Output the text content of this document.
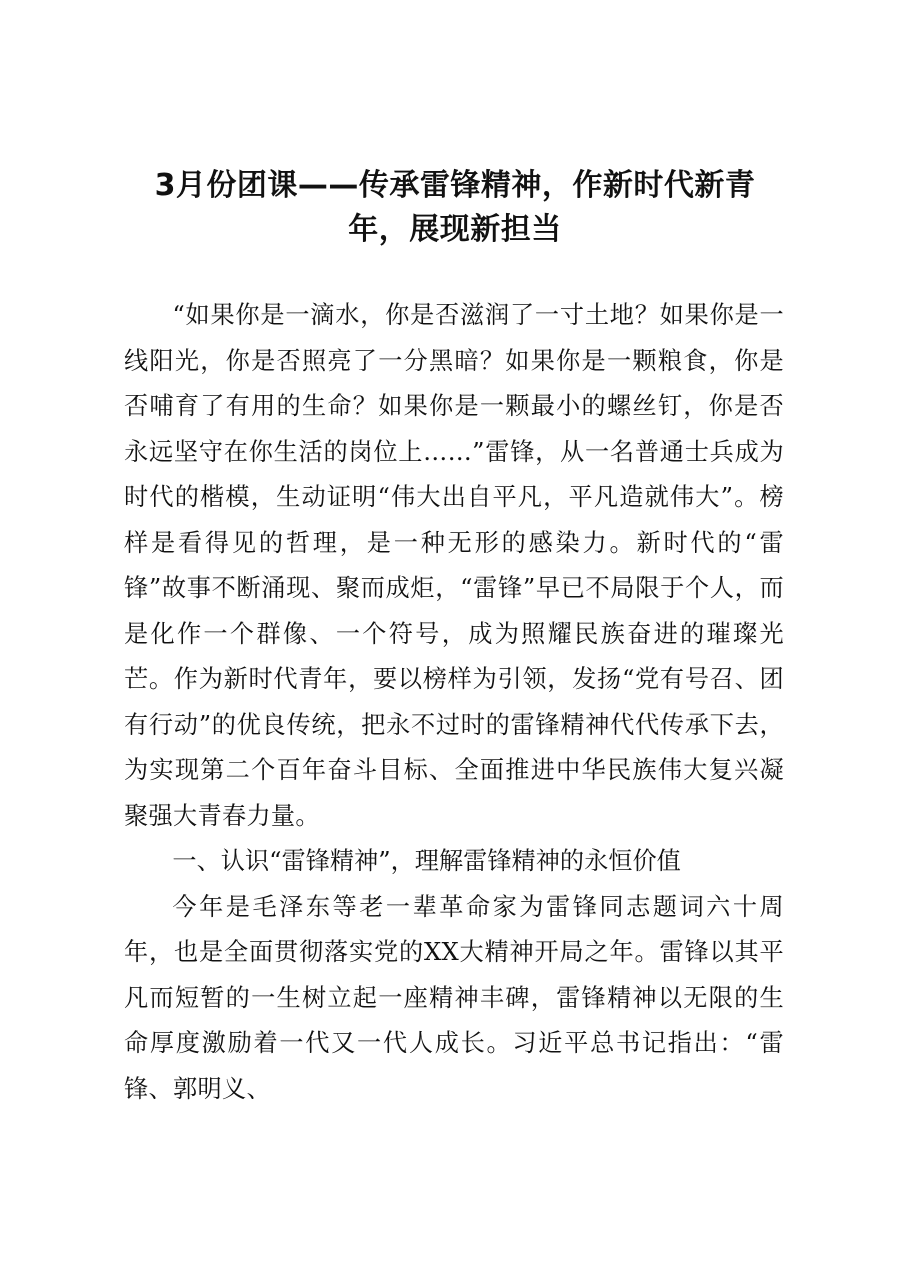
3月份团课——传承雷锋精神，作新时代新青
年，展现新担当

“如果你是一滴水，你是否滋润了一寸土地？如果你是一线阳光，你是否照亮了一分黑暗？如果你是一颗粮食，你是否哺育了有用的生命？如果你是一颗最小的螺丝钉，你是否永远坚守在你生活的岗位上……”雷锋，从一名普通士兵成为时代的楷模，生动证明“伟大出自平凡，平凡造就伟大”。榜样是看得见的哲理，是一种无形的感染力。新时代的“雷锋”故事不断涌现、聚而成炬，“雷锋”早已不局限于个人，而是化作一个群像、一个符号，成为照耀民族奋进的璀璨光芒。作为新时代青年，要以榜样为引领，发扬“党有号召、团有行动”的优良传统，把永不过时的雷锋精神代代传承下去，为实现第二个百年奋斗目标、全面推进中华民族伟大复兴凝聚强大青春力量。

一、认识“雷锋精神”，理解雷锋精神的永恒价值

今年是毛泽东等老一辈革命家为雷锋同志题词六十周年，也是全面贯彻落实党的XX大精神开局之年。雷锋以其平凡而短暂的一生树立起一座精神丰碑，雷锋精神以无限的生命厚度激励着一代又一代人成长。习近平总书记指出：“雷锋、郭明义、
